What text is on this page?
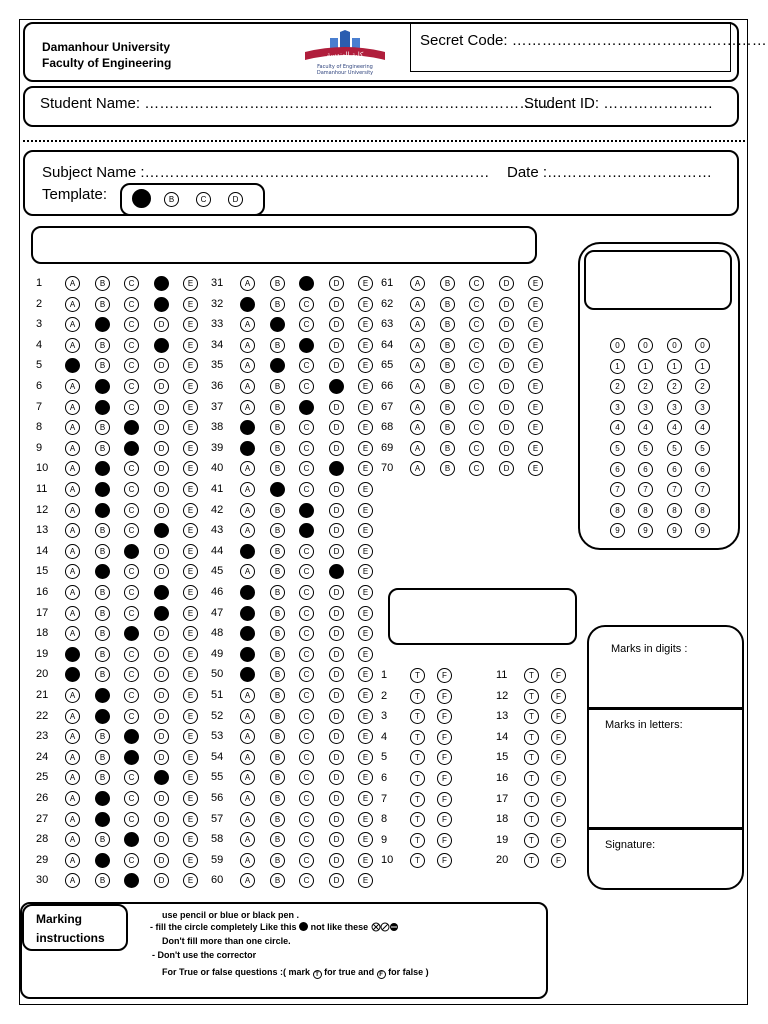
Damanhour University
Faculty of Engineering
كلية الهندسة
Faculty of Engineering
Damanhour University
Secret Code: ……………………………………………
Student Name: …………………………………………………………………………
Student ID: ………………….
Subject Name :…………………………………………………………… Date :……………………………
Template:	A	B	C	D
0	0	0	0
1	1	1	1
2	2	2	2
3	3	3	3
4	4	4	4
5	5	5	5
6	6	6	6
7	7	7	7
8	8	8	8
9	9	9	9
1	A	B	C	D	E
2	A	B	C	D	E
3	A	B	C	D	E
4	A	B	C	D	E
5	A	B	C	D	E
6	A	B	C	D	E
7	A	B	C	D	E
8	A	B	C	D	E
9	A	B	C	D	E
10	A	B	C	D	E
11	A	B	C	D	E
12	A	B	C	D	E
13	A	B	C	D	E
14	A	B	C	D	E
15	A	B	C	D	E
16	A	B	C	D	E
17	A	B	C	D	E
18	A	B	C	D	E
19	A	B	C	D	E
20	A	B	C	D	E
21	A	B	C	D	E
22	A	B	C	D	E
23	A	B	C	D	E
24	A	B	C	D	E
25	A	B	C	D	E
26	A	B	C	D	E
27	A	B	C	D	E
28	A	B	C	D	E
29	A	B	C	D	E
30	A	B	C	D	E
31	A	B	C	D	E
32	A	B	C	D	E
33	A	B	C	D	E
34	A	B	C	D	E
35	A	B	C	D	E
36	A	B	C	D	E
37	A	B	C	D	E
38	A	B	C	D	E
39	A	B	C	D	E
40	A	B	C	D	E
41	A	B	C	D	E
42	A	B	C	D	E
43	A	B	C	D	E
44	A	B	C	D	E
45	A	B	C	D	E
46	A	B	C	D	E
47	A	B	C	D	E
48	A	B	C	D	E
49	A	B	C	D	E
50	A	B	C	D	E
51	A	B	C	D	E
52	A	B	C	D	E
53	A	B	C	D	E
54	A	B	C	D	E
55	A	B	C	D	E
56	A	B	C	D	E
57	A	B	C	D	E
58	A	B	C	D	E
59	A	B	C	D	E
60	A	B	C	D	E
61	A	B	C	D	E
62	A	B	C	D	E
63	A	B	C	D	E
64	A	B	C	D	E
65	A	B	C	D	E
66	A	B	C	D	E
67	A	B	C	D	E
68	A	B	C	D	E
69	A	B	C	D	E
70	A	B	C	D	E
1	T	F
2	T	F
3	T	F
4	T	F
5	T	F
6	T	F
7	T	F
8	T	F
9	T	F
10	T	F
11	T	F
12	T	F
13	T	F
14	T	F
15	T	F
16	T	F
17	T	F
18	T	F
19	T	F
20	T	F
Marks in digits :
Marks in letters:
Signature:
Marking
instructions
use pencil or blue or black pen .
- fill the circle completely Like this  not like these
Don't fill more than one circle.
- Don't use the corrector
For True or false questions :( mark T for true and F for false )
